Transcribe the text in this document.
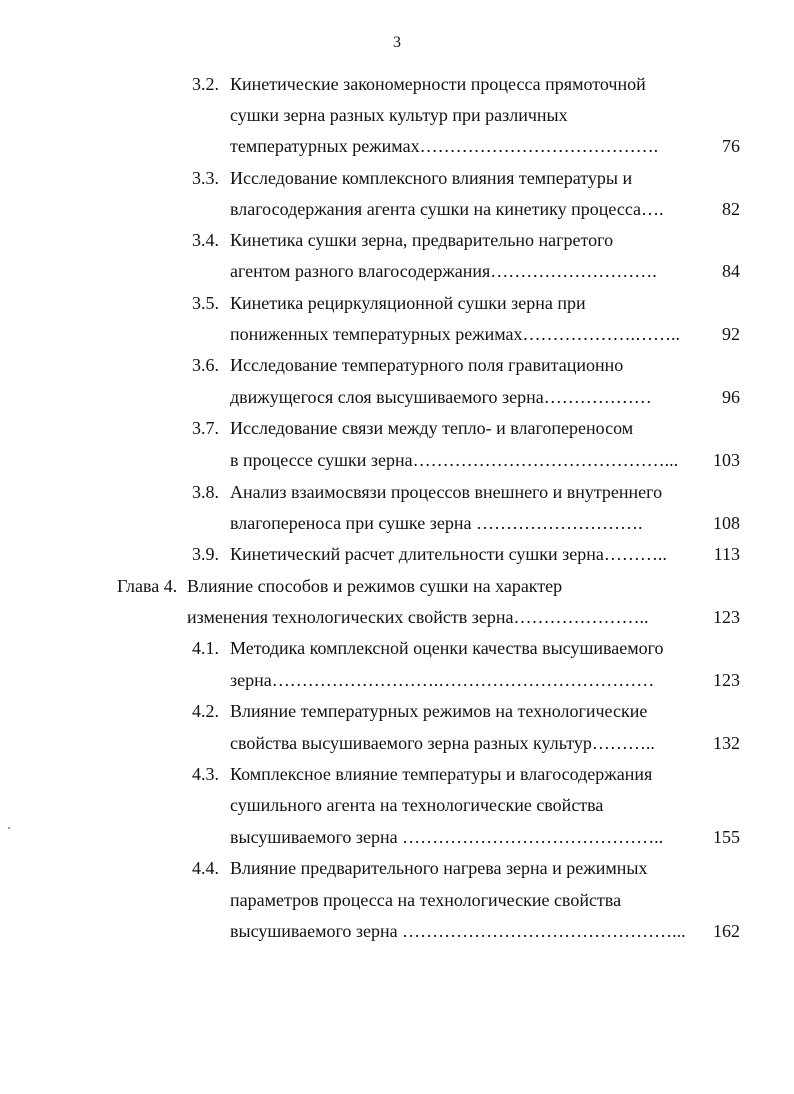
3
3.2. Кинетические закономерности процесса прямоточной
сушки зерна разных культур при различных
температурных режимах………………………………….	76
3.3. Исследование комплексного влияния температуры и
влагосодержания агента сушки на кинетику процесса….	82
3.4. Кинетика сушки зерна, предварительно нагретого
агентом разного влагосодержания……………………….	84
3.5. Кинетика рециркуляционной сушки зерна при
пониженных температурных режимах……………….…….. 92
3.6. Исследование температурного поля гравитационно
движущегося слоя высушиваемого зерна………………	96
3.7. Исследование связи между тепло- и влагопереносом
в процессе сушки зерна……………………………………... 103
3.8. Анализ взаимосвязи процессов внешнего и внутреннего
влагопереноса при сушке зерна ……………………….	108
3.9. Кинетический расчет длительности сушки зерна………..	113
Глава 4. Влияние способов и режимов сушки на характер
изменения технологических свойств зерна…………………..	123
4.1. Методика комплексной оценки качества высушиваемого
зерна……………………….………………………………	123
4.2. Влияние температурных режимов на технологические
свойства высушиваемого зерна разных культур………..	132
4.3. Комплексное влияние температуры и влагосодержания
сушильного агента на технологические свойства
высушиваемого зерна ……………………………………..	155
4.4. Влияние предварительного нагрева зерна и режимных
параметров процесса на технологические свойства
высушиваемого зерна ………………………………………... 162
